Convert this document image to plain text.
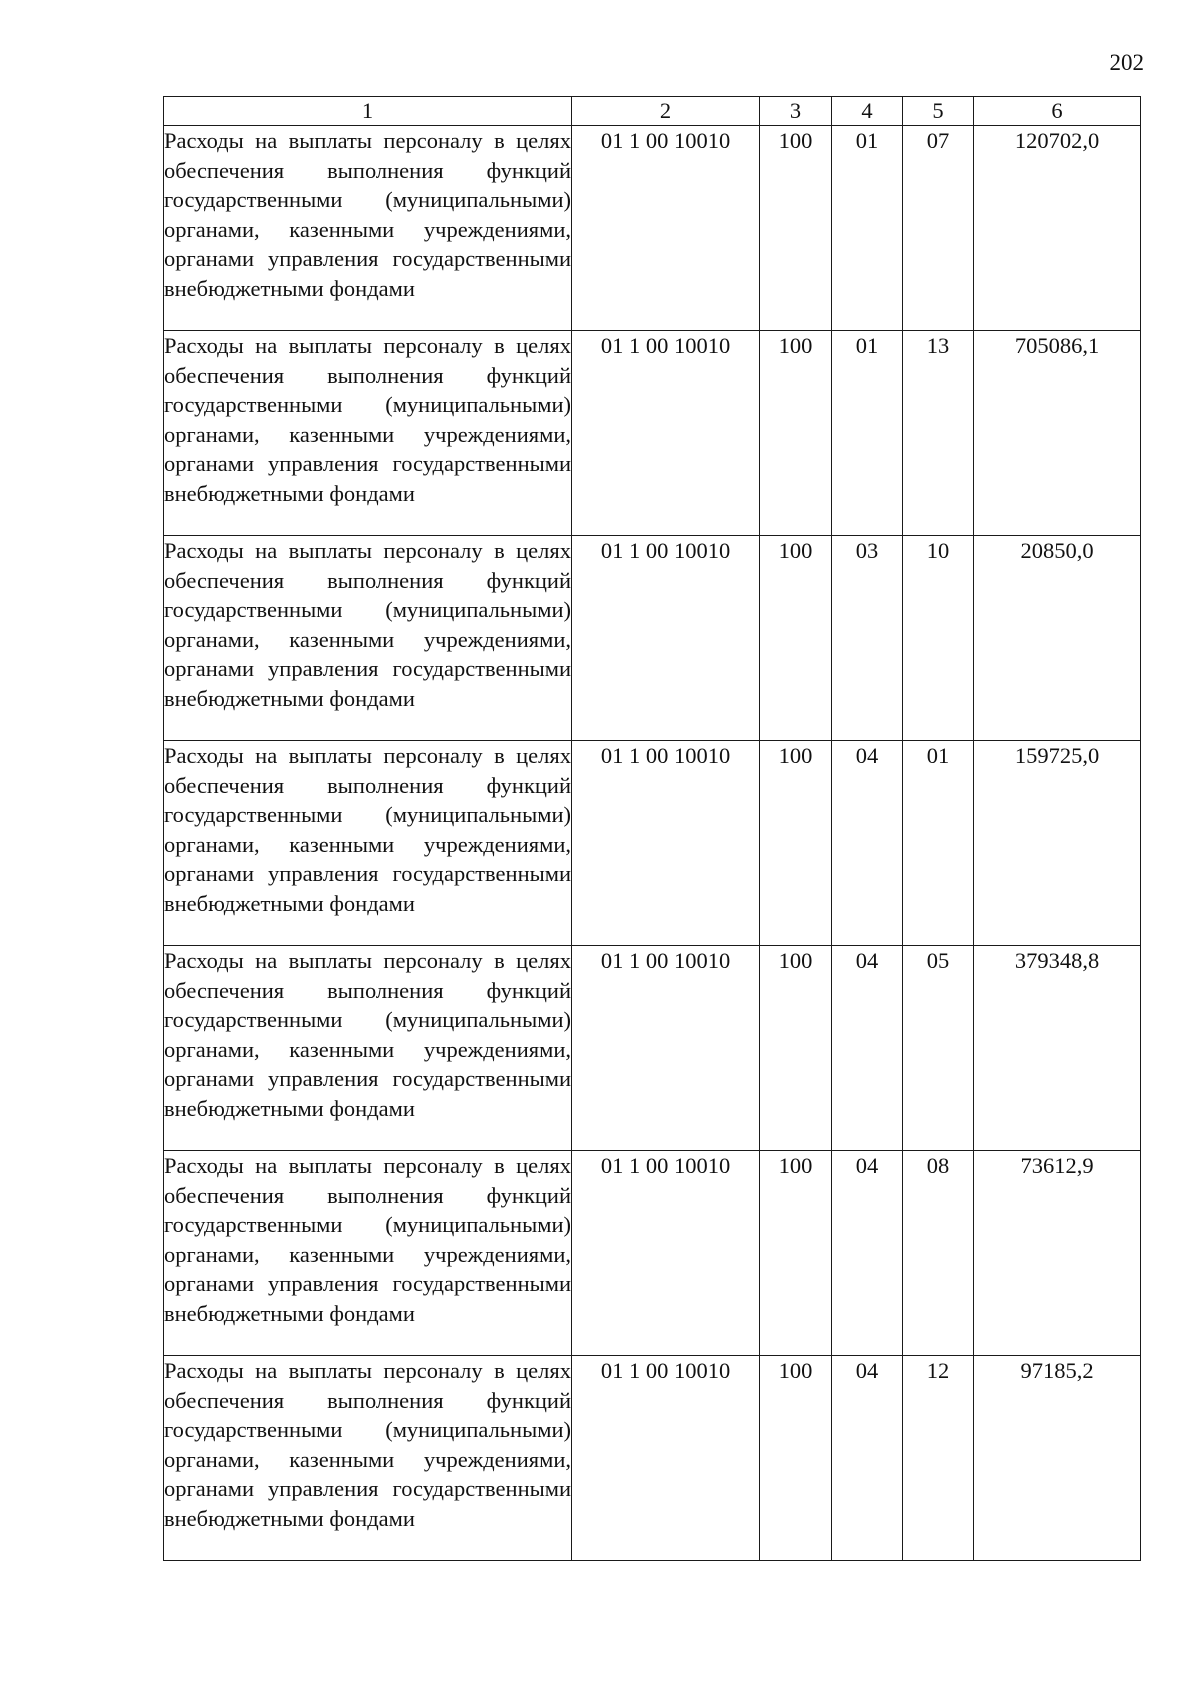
202
1	2	3	4	5	6
Расходы на выплаты персоналу в целях обеспечения выполнения функций государственными (муниципальными) органами, казенными учреждениями, органами управления государственными внебюджетными фондами	01 1 00 10010	100	01	07	120702,0
Расходы на выплаты персоналу в целях обеспечения выполнения функций государственными (муниципальными) органами, казенными учреждениями, органами управления государственными внебюджетными фондами	01 1 00 10010	100	01	13	705086,1
Расходы на выплаты персоналу в целях обеспечения выполнения функций государственными (муниципальными) органами, казенными учреждениями, органами управления государственными внебюджетными фондами	01 1 00 10010	100	03	10	20850,0
Расходы на выплаты персоналу в целях обеспечения выполнения функций государственными (муниципальными) органами, казенными учреждениями, органами управления государственными внебюджетными фондами	01 1 00 10010	100	04	01	159725,0
Расходы на выплаты персоналу в целях обеспечения выполнения функций государственными (муниципальными) органами, казенными учреждениями, органами управления государственными внебюджетными фондами	01 1 00 10010	100	04	05	379348,8
Расходы на выплаты персоналу в целях обеспечения выполнения функций государственными (муниципальными) органами, казенными учреждениями, органами управления государственными внебюджетными фондами	01 1 00 10010	100	04	08	73612,9
Расходы на выплаты персоналу в целях обеспечения выполнения функций государственными (муниципальными) органами, казенными учреждениями, органами управления государственными внебюджетными фондами	01 1 00 10010	100	04	12	97185,2
